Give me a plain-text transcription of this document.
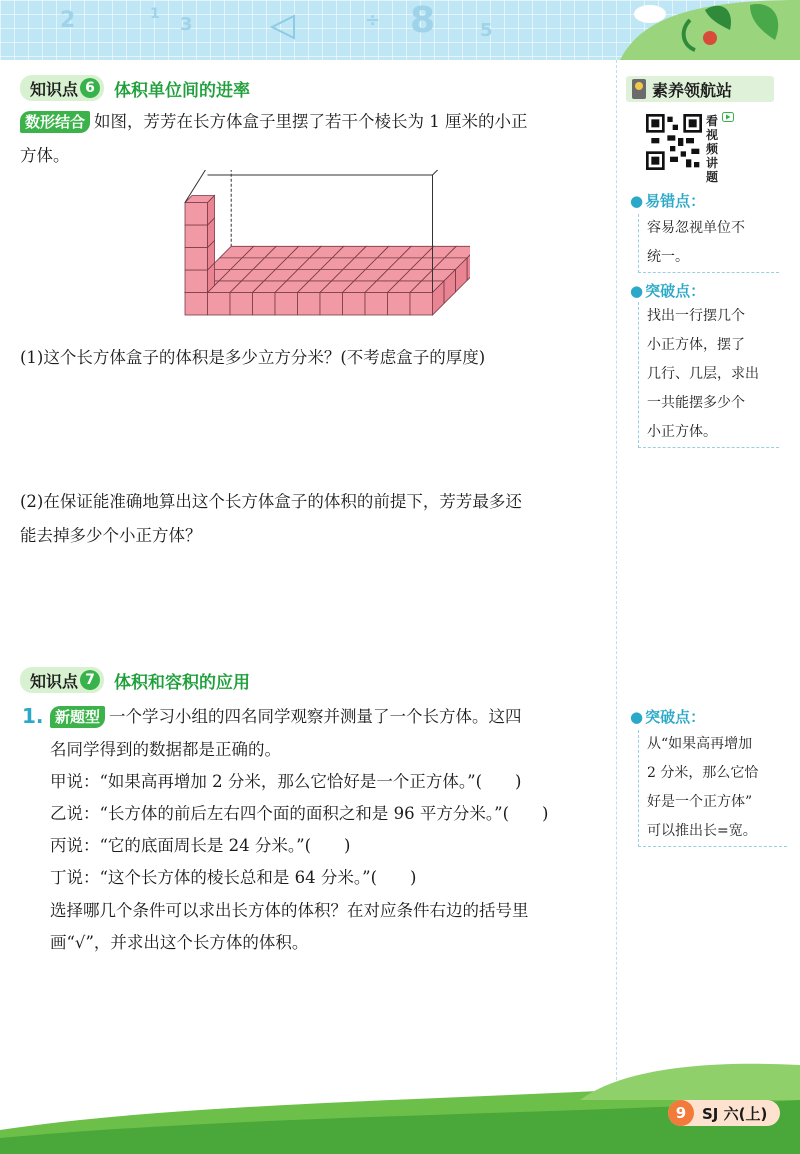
2	1 3	÷ 8 5
知识点 6	体积单位间的进率
数形结合 如图，芳芳在长方体盒子里摆了若干个棱长为 1 厘米的小正
方体。
(1)这个长方体盒子的体积是多少立方分米？(不考虑盒子的厚度)
(2)在保证能准确地算出这个长方体盒子的体积的前提下，芳芳最多还
能去掉多少个小正方体？
知识点 7	体积和容积的应用
1. 新题型 一个学习小组的四名同学观察并测量了一个长方体。这四
名同学得到的数据都是正确的。
甲说：“如果高再增加 2 分米，那么它恰好是一个正方体。”(　　)
乙说：“长方体的前后左右四个面的面积之和是 96 平方分米。”(　　)
丙说：“它的底面周长是 24 分米。”(　　)
丁说：“这个长方体的棱长总和是 64 分米。”(　　)
选择哪几个条件可以求出长方体的体积？在对应条件右边的括号里
画“√”，并求出这个长方体的体积。
素养领航站
看视频讲题
● 易错点：
容易忽视单位不
统一。
● 突破点：
找出一行摆几个
小正方体，摆了
几行、几层，求出
一共能摆多少个
小正方体。
● 突破点：
从“如果高再增加
2 分米，那么它恰
好是一个正方体”
可以推出长=宽。
9	SJ 六(上)
